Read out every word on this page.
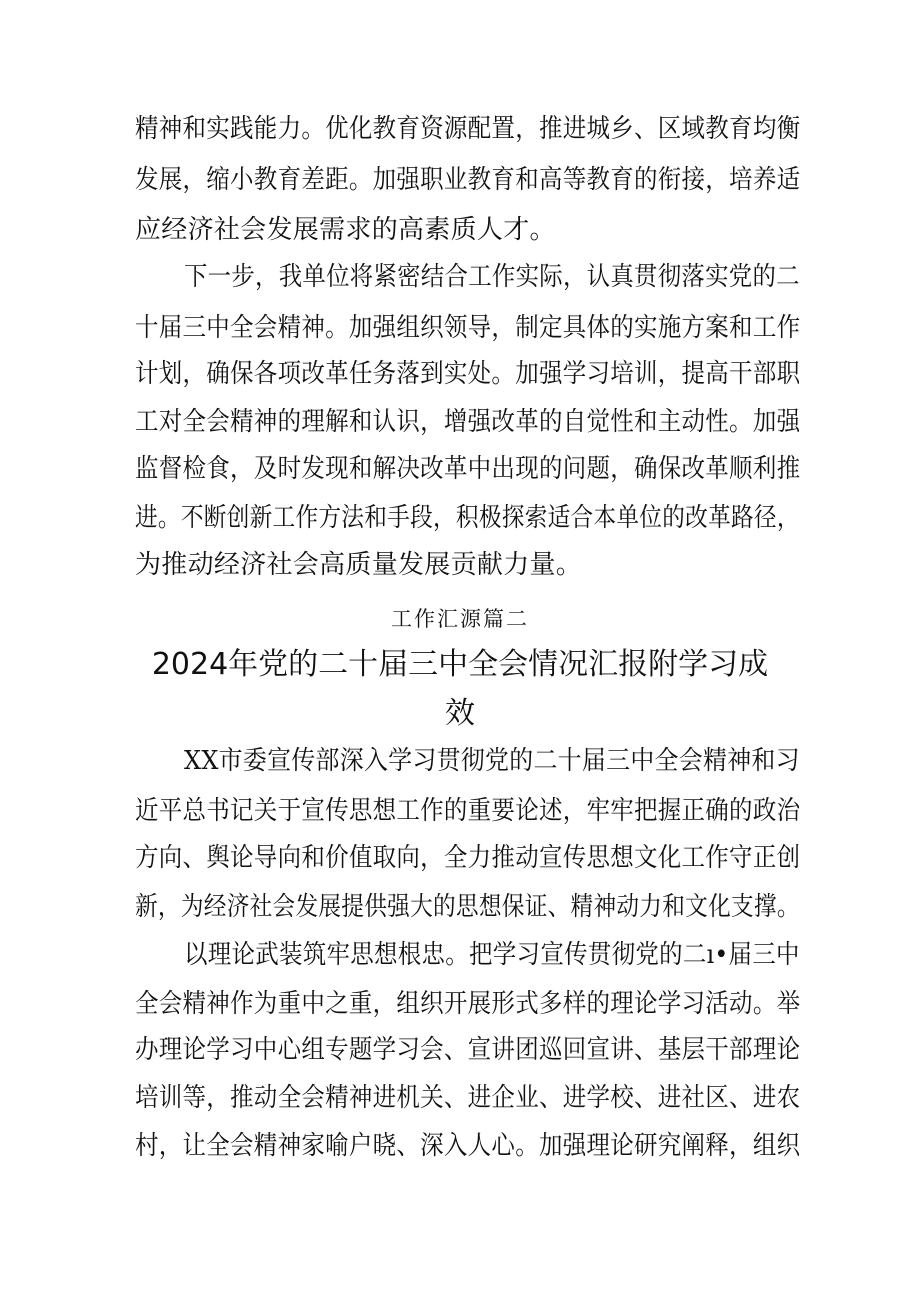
精神和实践能力。优化教育资源配置，推进城乡、区域教育均衡
发展，缩小教育差距。加强职业教育和高等教育的衔接，培养适
应经济社会发展需求的高素质人才。
下一步，我单位将紧密结合工作实际，认真贯彻落实党的二
十届三中全会精神。加强组织领导，制定具体的实施方案和工作
计划，确保各项改革任务落到实处。加强学习培训，提高干部职
工对全会精神的理解和认识，增强改革的自觉性和主动性。加强
监督检食，及时发现和解决改革中出现的问题，确保改革顺利推
进。不断创新工作方法和手段，积极探索适合本单位的改革路径，
为推动经济社会高质量发展贡献力量。
工作汇源篇二
2024年党的二十届三中全会情况汇报附学习成
效
XX市委宣传部深入学习贯彻党的二十届三中全会精神和习
近平总书记关于宣传思想工作的重要论述，牢牢把握正确的政治
方向、舆论导向和价值取向，全力推动宣传思想文化工作守正创
新，为经济社会发展提供强大的思想保证、精神动力和文化支撑。
以理论武装筑牢思想根忠。把学习宣传贯彻党的二ı•届三中
全会精神作为重中之重，组织开展形式多样的理论学习活动。举
办理论学习中心组专题学习会、宣讲团巡回宣讲、基层干部理论
培训等，推动全会精神进机关、进企业、进学校、进社区、进农
村，让全会精神家喻户晓、深入人心。加强理论研究阐释，组织
